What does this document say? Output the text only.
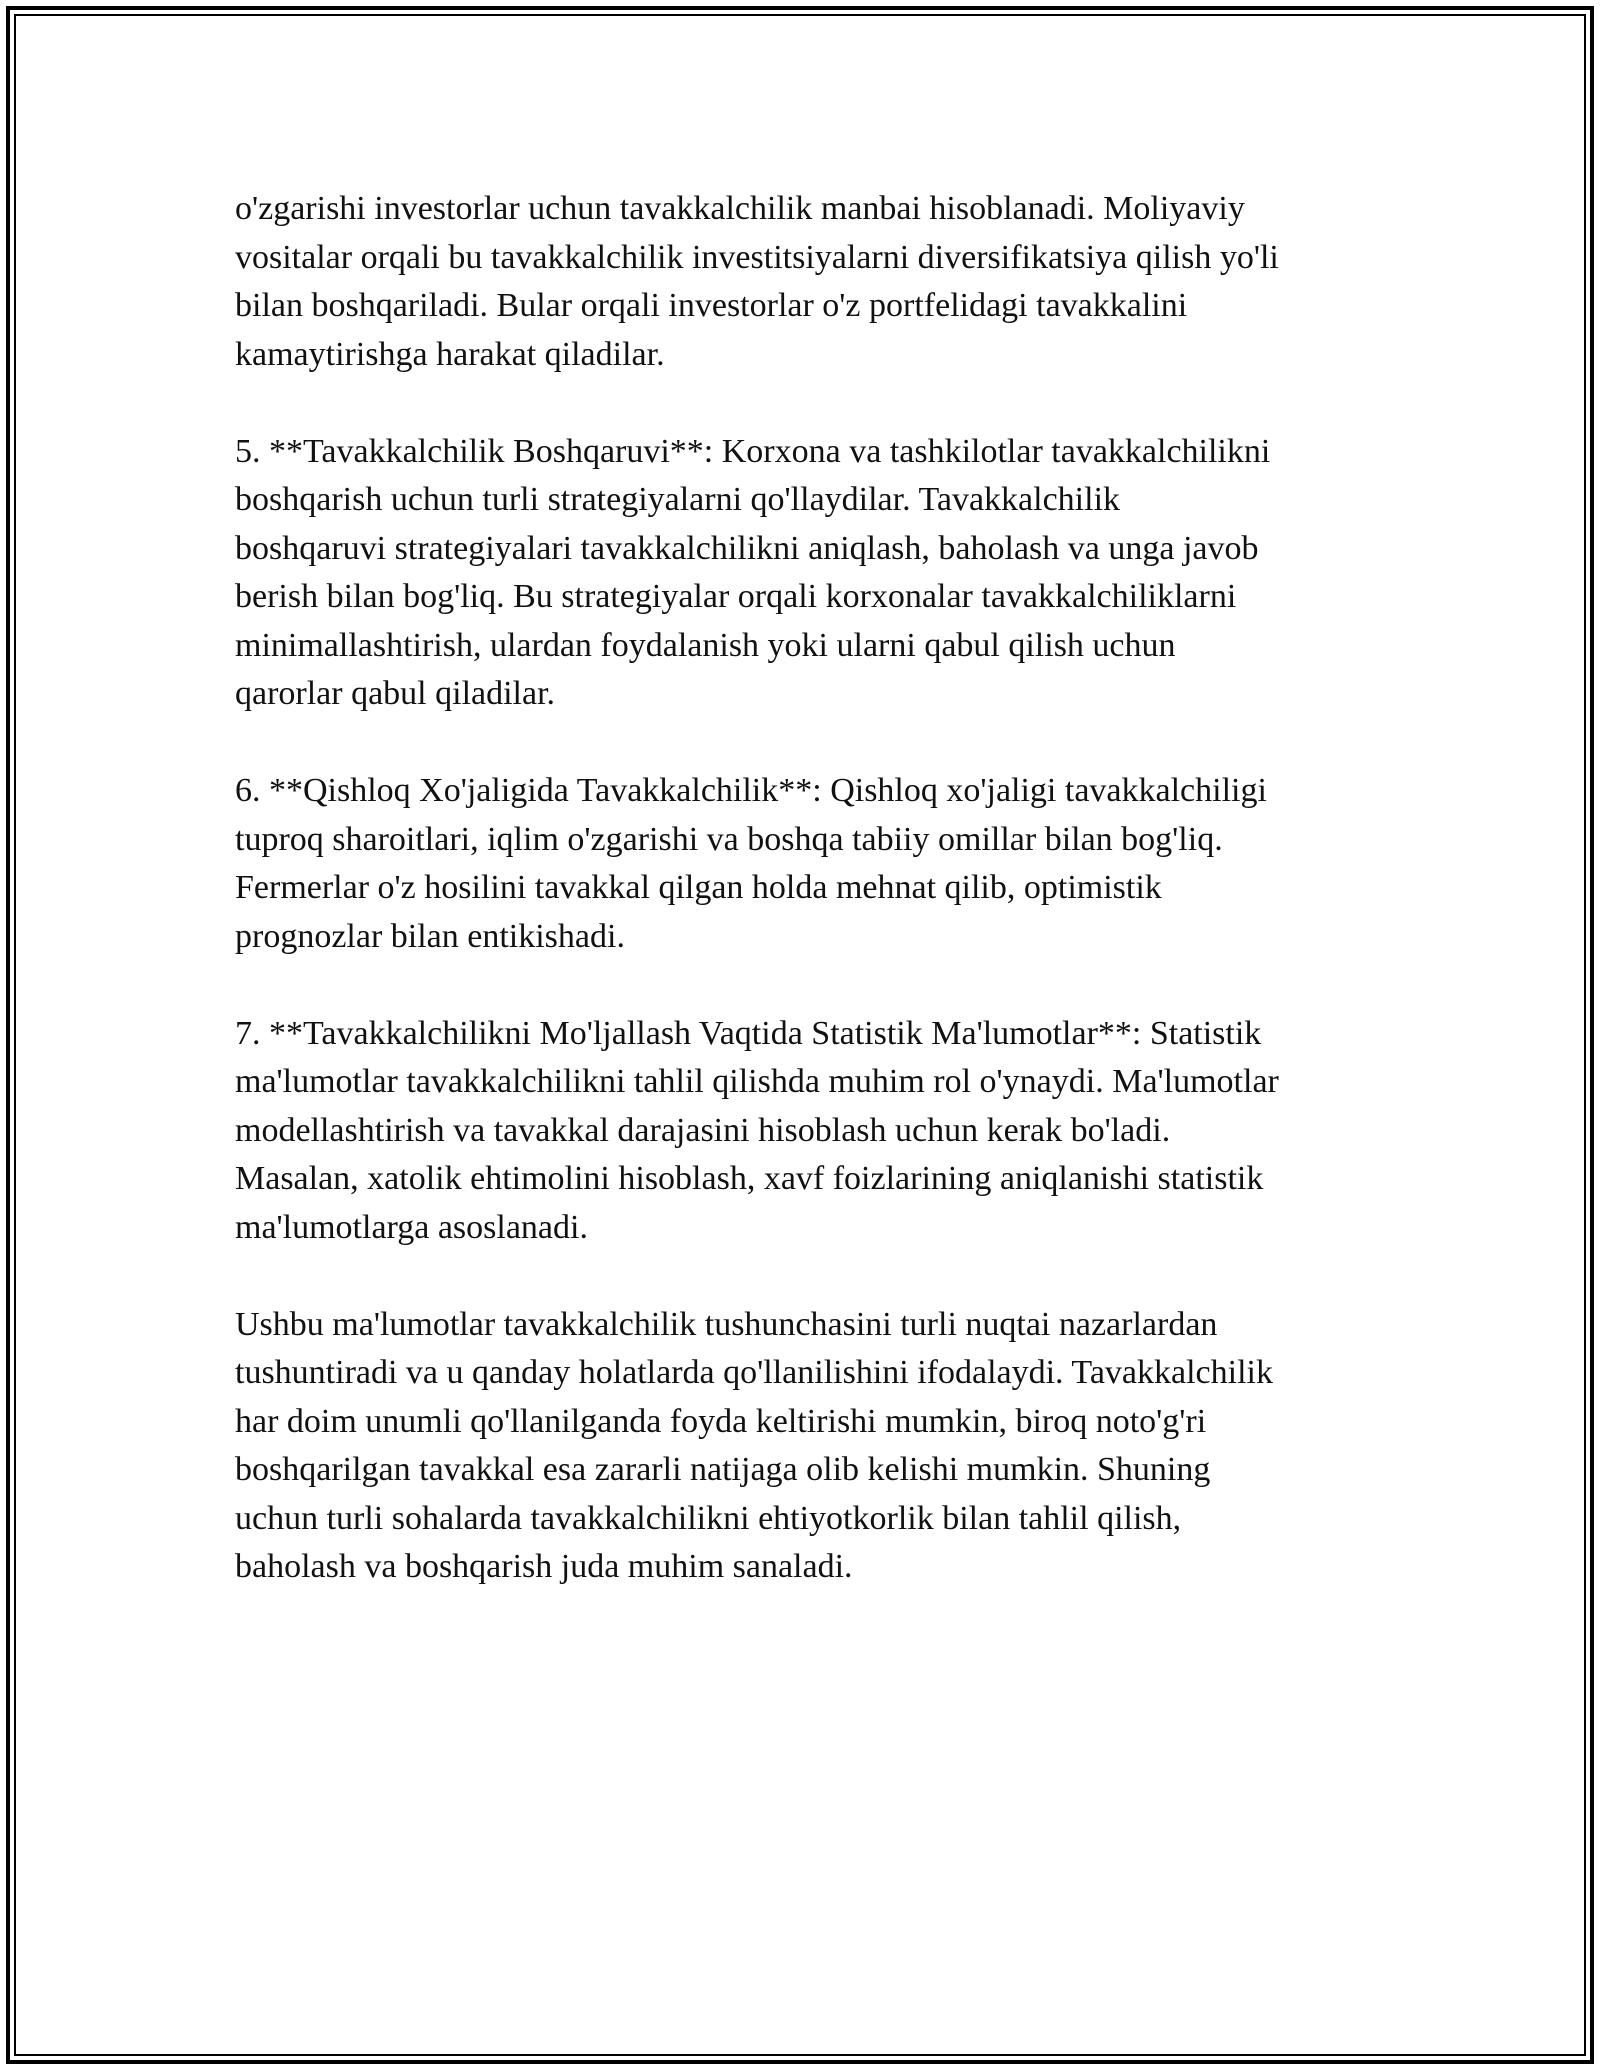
o'zgarishi investorlar uchun tavakkalchilik manbai hisoblanadi. Moliyaviy
vositalar orqali bu tavakkalchilik investitsiyalarni diversifikatsiya qilish yo'li
bilan boshqariladi. Bular orqali investorlar o'z portfelidagi tavakkalini
kamaytirishga harakat qiladilar.

5. **Tavakkalchilik Boshqaruvi**: Korxona va tashkilotlar tavakkalchilikni
boshqarish uchun turli strategiyalarni qo'llaydilar. Tavakkalchilik
boshqaruvi strategiyalari tavakkalchilikni aniqlash, baholash va unga javob
berish bilan bog'liq. Bu strategiyalar orqali korxonalar tavakkalchiliklarni
minimallashtirish, ulardan foydalanish yoki ularni qabul qilish uchun
qarorlar qabul qiladilar.

6. **Qishloq Xo'jaligida Tavakkalchilik**: Qishloq xo'jaligi tavakkalchiligi
tuproq sharoitlari, iqlim o'zgarishi va boshqa tabiiy omillar bilan bog'liq.
Fermerlar o'z hosilini tavakkal qilgan holda mehnat qilib, optimistik
prognozlar bilan entikishadi.

7. **Tavakkalchilikni Mo'ljallash Vaqtida Statistik Ma'lumotlar**: Statistik
ma'lumotlar tavakkalchilikni tahlil qilishda muhim rol o'ynaydi. Ma'lumotlar
modellashtirish va tavakkal darajasini hisoblash uchun kerak bo'ladi.
Masalan, xatolik ehtimolini hisoblash, xavf foizlarining aniqlanishi statistik
ma'lumotlarga asoslanadi.

Ushbu ma'lumotlar tavakkalchilik tushunchasini turli nuqtai nazarlardan
tushuntiradi va u qanday holatlarda qo'llanilishini ifodalaydi. Tavakkalchilik
har doim unumli qo'llanilganda foyda keltirishi mumkin, biroq noto'g'ri
boshqarilgan tavakkal esa zararli natijaga olib kelishi mumkin. Shuning
uchun turli sohalarda tavakkalchilikni ehtiyotkorlik bilan tahlil qilish,
baholash va boshqarish juda muhim sanaladi.
